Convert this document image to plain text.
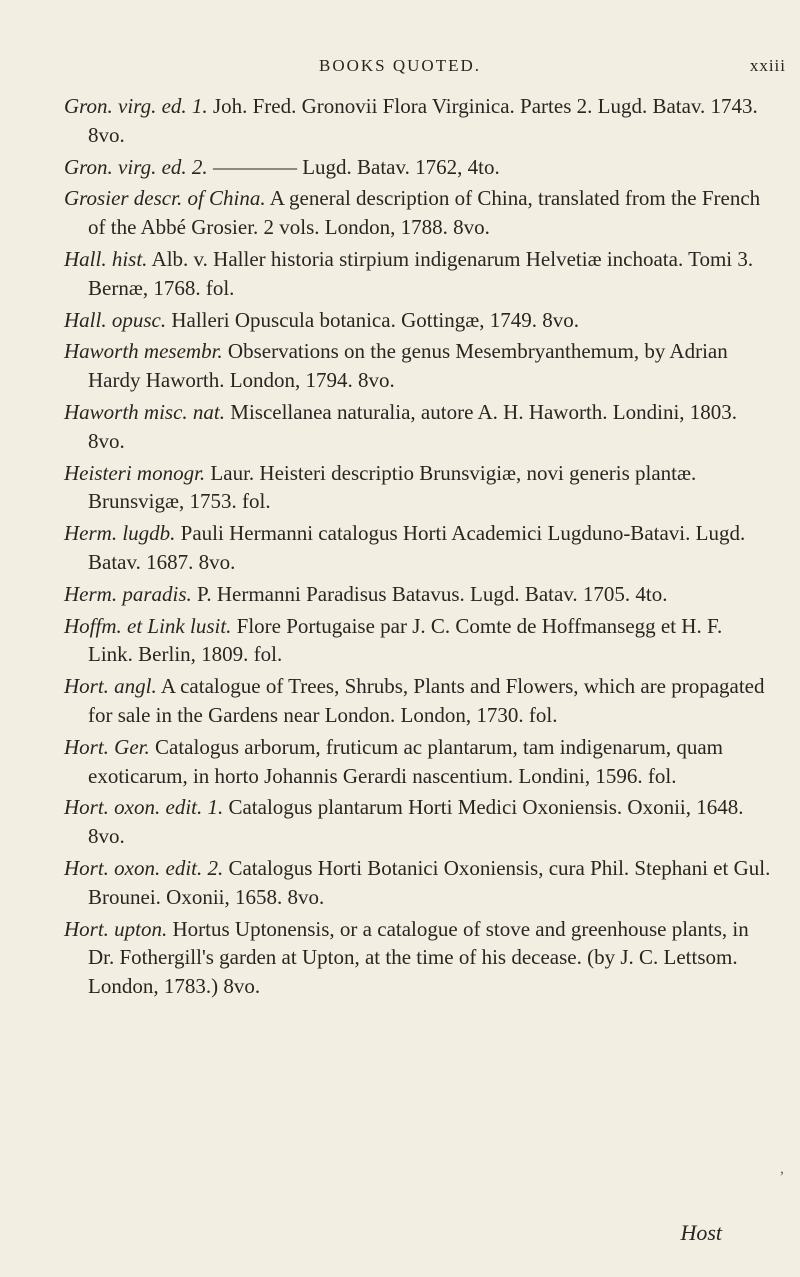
BOOKS QUOTED.	xxiii

Gron. virg. ed. 1. Joh. Fred. Gronovii Flora Virginica. Partes 2. Lugd. Batav. 1743. 8vo.

Gron. virg. ed. 2. ———— Lugd. Batav. 1762, 4to.

Grosier descr. of China. A general description of China, translated from the French of the Abbé Grosier. 2 vols. London, 1788. 8vo.

Hall. hist. Alb. v. Haller historia stirpium indigenarum Helvetiæ inchoata. Tomi 3. Bernæ, 1768. fol.

Hall. opusc. Halleri Opuscula botanica. Gottingæ, 1749. 8vo.

Haworth mesembr. Observations on the genus Mesembryanthemum, by Adrian Hardy Haworth. London, 1794. 8vo.

Haworth misc. nat. Miscellanea naturalia, autore A. H. Haworth. Londini, 1803. 8vo.

Heisteri monogr. Laur. Heisteri descriptio Brunsvigiæ, novi generis plantæ. Brunsvigæ, 1753. fol.

Herm. lugdb. Pauli Hermanni catalogus Horti Academici Lugduno-Batavi. Lugd. Batav. 1687. 8vo.

Herm. paradis. P. Hermanni Paradisus Batavus. Lugd. Batav. 1705. 4to.

Hoffm. et Link lusit. Flore Portugaise par J. C. Comte de Hoffmansegg et H. F. Link. Berlin, 1809. fol.

Hort. angl. A catalogue of Trees, Shrubs, Plants and Flowers, which are propagated for sale in the Gardens near London. London, 1730. fol.

Hort. Ger. Catalogus arborum, fruticum ac plantarum, tam indigenarum, quam exoticarum, in horto Johannis Gerardi nascentium. Londini, 1596. fol.

Hort. oxon. edit. 1. Catalogus plantarum Horti Medici Oxoniensis. Oxonii, 1648. 8vo.

Hort. oxon. edit. 2. Catalogus Horti Botanici Oxoniensis, cura Phil. Stephani et Gul. Brounei. Oxonii, 1658. 8vo.

Hort. upton. Hortus Uptonensis, or a catalogue of stove and greenhouse plants, in Dr. Fothergill's garden at Upton, at the time of his decease. (by J. C. Lettsom. London, 1783.) 8vo.

,
Host
